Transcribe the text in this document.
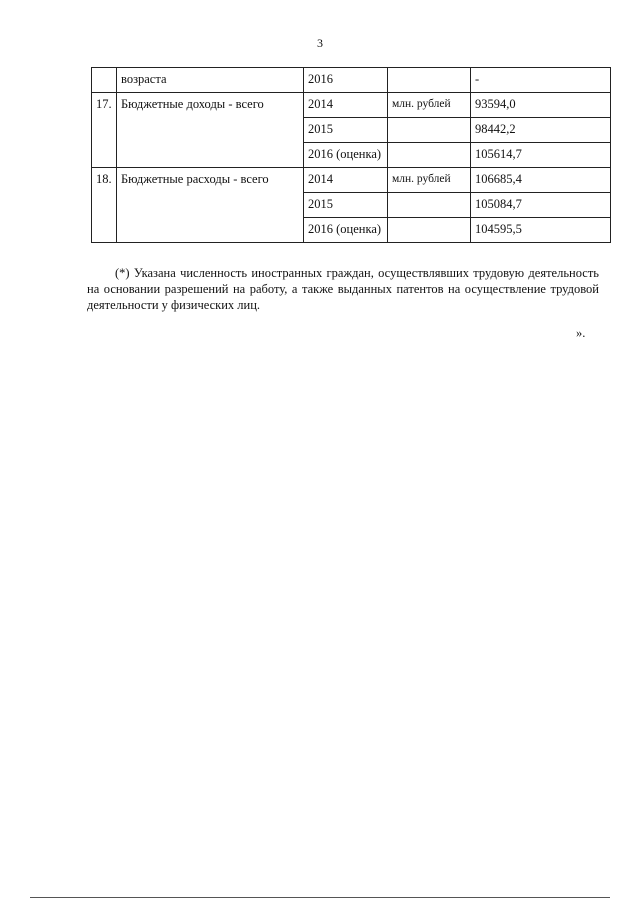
3
	возраста	2016		-
17.	Бюджетные доходы - всего	2014	млн. рублей	93594,0
		2015		98442,2
		2016 (оценка)		105614,7
18.	Бюджетные расходы - всего	2014	млн. рублей	106685,4
		2015		105084,7
		2016 (оценка)		104595,5

(*) Указана численность иностранных граждан, осуществлявших трудовую деятельность на основании разрешений на работу, а также выданных патентов на осуществление трудовой деятельности у физических лиц.

».
